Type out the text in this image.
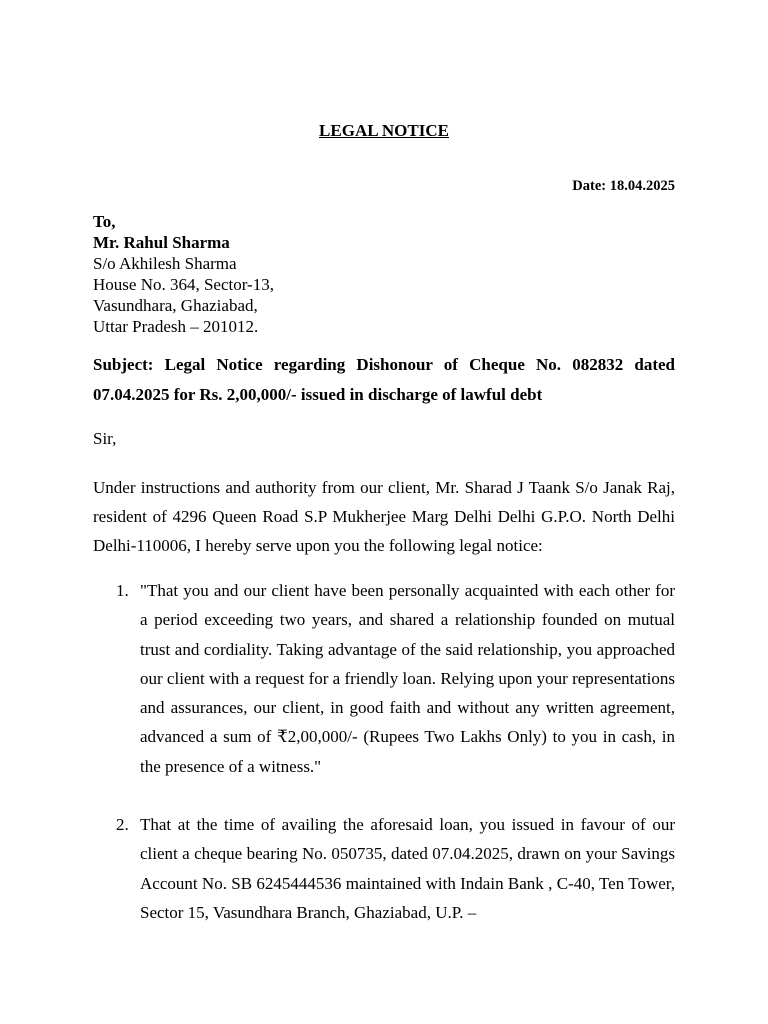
LEGAL NOTICE
Date: 18.04.2025
To,
Mr. Rahul Sharma
S/o Akhilesh Sharma
House No. 364, Sector-13,
Vasundhara, Ghaziabad,
Uttar Pradesh – 201012.
Subject: Legal Notice regarding Dishonour of Cheque No. 082832 dated 07.04.2025 for Rs. 2,00,000/- issued in discharge of lawful debt
Sir,
Under instructions and authority from our client, Mr. Sharad J Taank S/o Janak Raj, resident of 4296 Queen Road S.P Mukherjee Marg Delhi Delhi G.P.O. North Delhi Delhi-110006, I hereby serve upon you the following legal notice:
1. "That you and our client have been personally acquainted with each other for a period exceeding two years, and shared a relationship founded on mutual trust and cordiality. Taking advantage of the said relationship, you approached our client with a request for a friendly loan. Relying upon your representations and assurances, our client, in good faith and without any written agreement, advanced a sum of ₹2,00,000/- (Rupees Two Lakhs Only) to you in cash, in the presence of a witness."
2. That at the time of availing the aforesaid loan, you issued in favour of our client a cheque bearing No. 050735, dated 07.04.2025, drawn on your Savings Account No. SB 6245444536 maintained with Indain Bank , C-40, Ten Tower, Sector 15, Vasundhara Branch, Ghaziabad, U.P. –
